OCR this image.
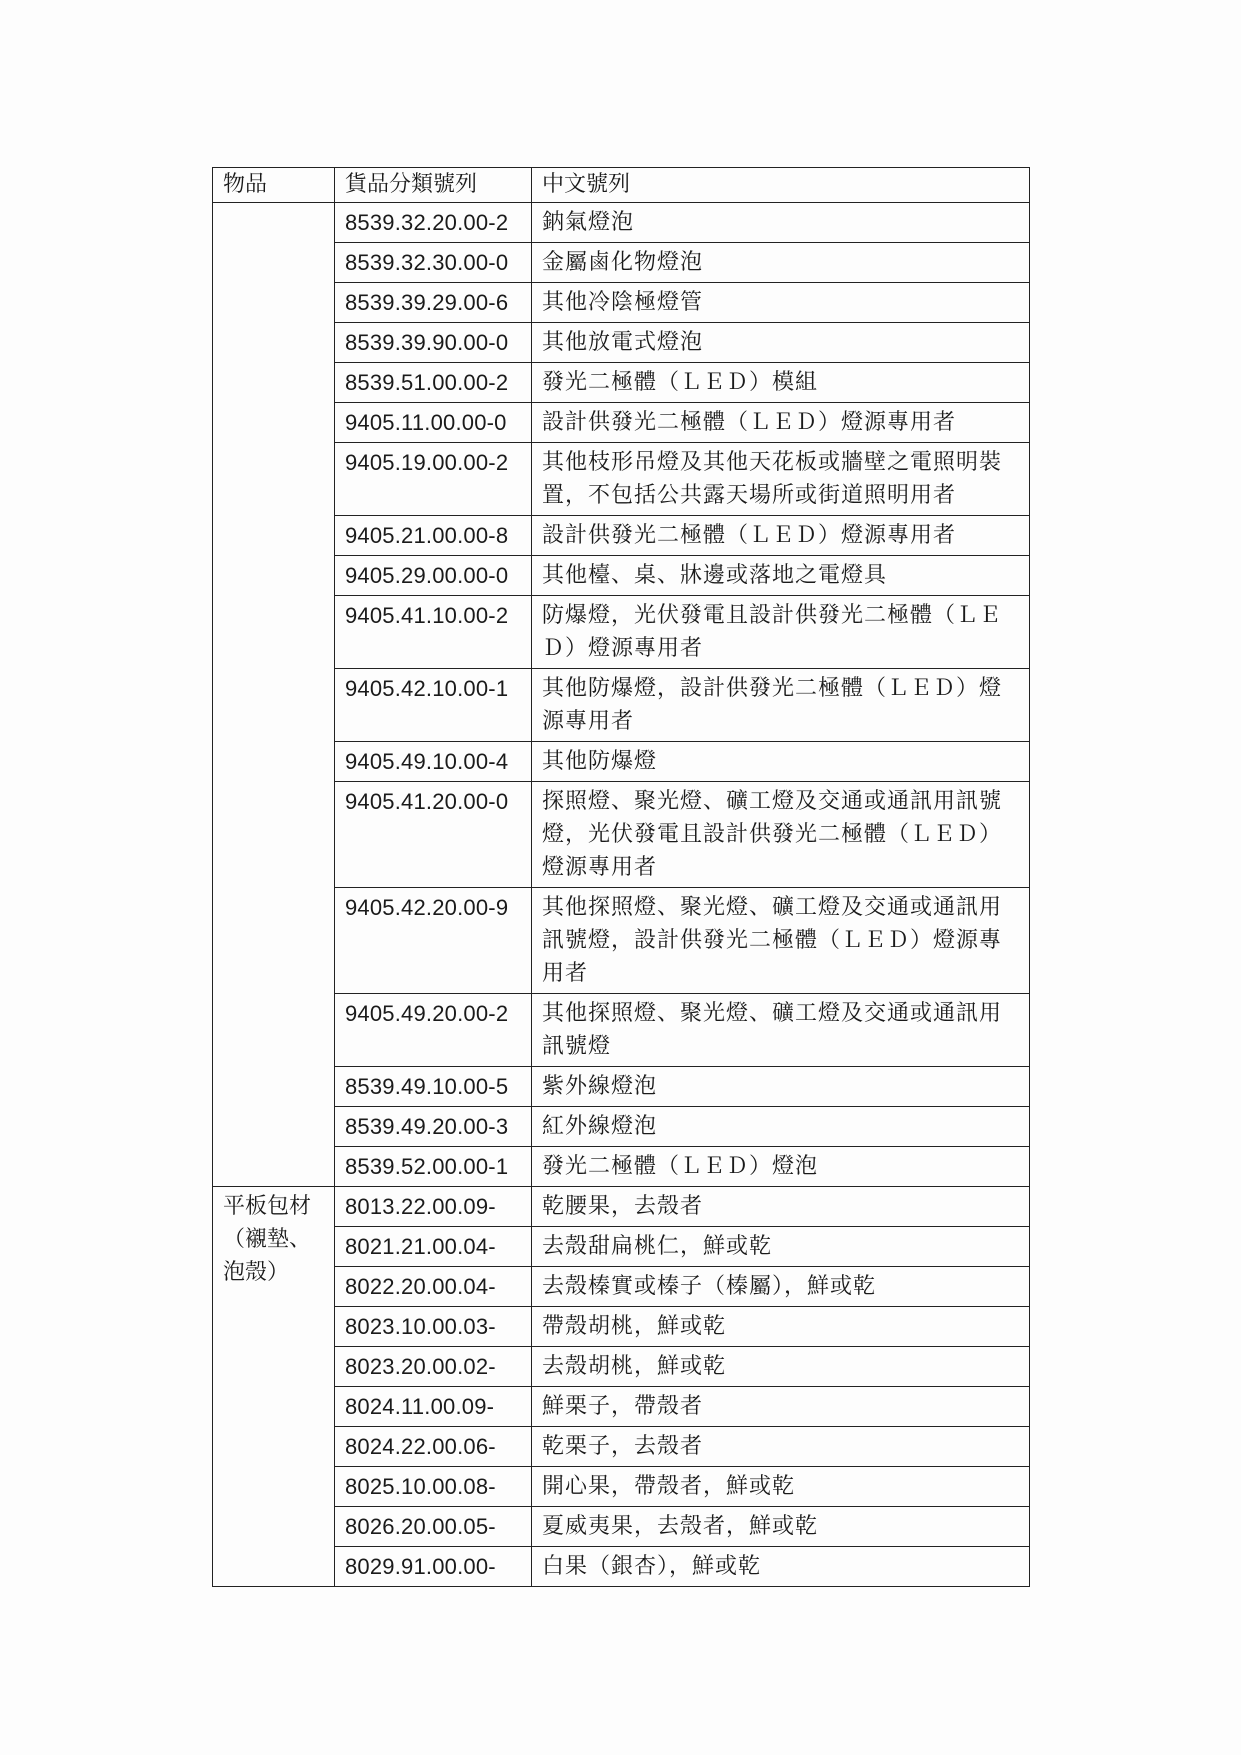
物品	貨品分類號列	中文號列
	8539.32.20.00-2	鈉氣燈泡
	8539.32.30.00-0	金屬鹵化物燈泡
	8539.39.29.00-6	其他冷陰極燈管
	8539.39.90.00-0	其他放電式燈泡
	8539.51.00.00-2	發光二極體（ＬＥＤ）模組
	9405.11.00.00-0	設計供發光二極體（ＬＥＤ）燈源專用者
	9405.19.00.00-2	其他枝形吊燈及其他天花板或牆壁之電照明裝置，不包括公共露天場所或街道照明用者
	9405.21.00.00-8	設計供發光二極體（ＬＥＤ）燈源專用者
	9405.29.00.00-0	其他檯、桌、牀邊或落地之電燈具
	9405.41.10.00-2	防爆燈，光伏發電且設計供發光二極體（ＬＥＤ）燈源專用者
	9405.42.10.00-1	其他防爆燈，設計供發光二極體（ＬＥＤ）燈源專用者
	9405.49.10.00-4	其他防爆燈
	9405.41.20.00-0	探照燈、聚光燈、礦工燈及交通或通訊用訊號燈，光伏發電且設計供發光二極體（ＬＥＤ）燈源專用者
	9405.42.20.00-9	其他探照燈、聚光燈、礦工燈及交通或通訊用訊號燈，設計供發光二極體（ＬＥＤ）燈源專用者
	9405.49.20.00-2	其他探照燈、聚光燈、礦工燈及交通或通訊用訊號燈
	8539.49.10.00-5	紫外線燈泡
	8539.49.20.00-3	紅外線燈泡
	8539.52.00.00-1	發光二極體（ＬＥＤ）燈泡

平板包材
（襯墊、
泡殼）	8013.22.00.09-	乾腰果，去殼者
	8021.21.00.04-	去殼甜扁桃仁，鮮或乾
	8022.20.00.04-	去殼榛實或榛子（榛屬），鮮或乾
	8023.10.00.03-	帶殼胡桃，鮮或乾
	8023.20.00.02-	去殼胡桃，鮮或乾
	8024.11.00.09-	鮮栗子，帶殼者
	8024.22.00.06-	乾栗子，去殼者
	8025.10.00.08-	開心果，帶殼者，鮮或乾
	8026.20.00.05-	夏威夷果，去殼者，鮮或乾
	8029.91.00.00-	白果（銀杏），鮮或乾
